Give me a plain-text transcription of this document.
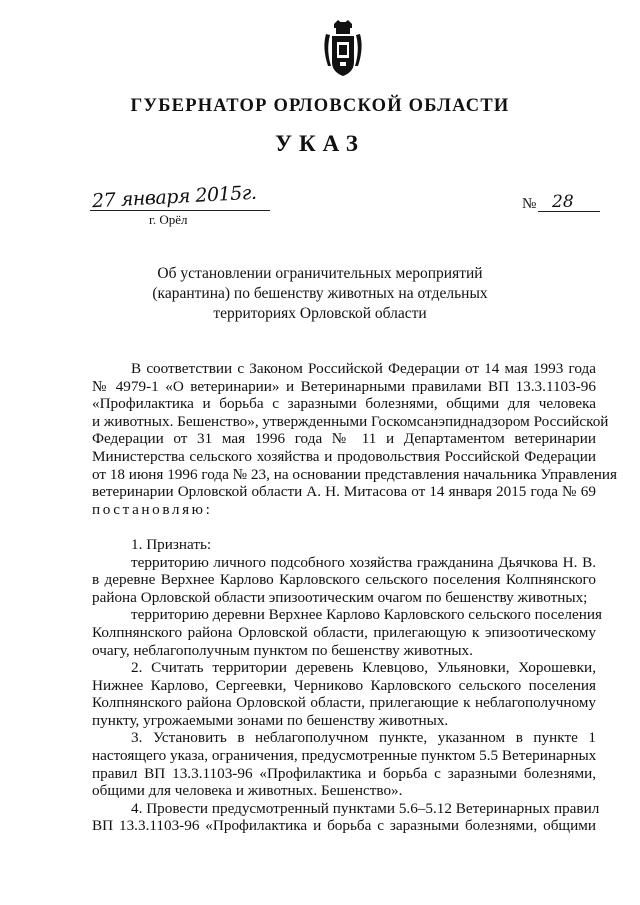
ГУБЕРНАТОР ОРЛОВСКОЙ ОБЛАСТИ
УКАЗ
27 января 2015г.
г. Орёл
№ 28
Об установлении ограничительных мероприятий
(карантина) по бешенству животных на отдельных
территориях Орловской области
В соответствии с Законом Российской Федерации от 14 мая 1993 года
№ 4979-1 «О ветеринарии» и Ветеринарными правилами ВП 13.3.1103-96
«Профилактика и борьба с заразными болезнями, общими для человека
и животных. Бешенство», утвержденными Госкомсанэпиднадзором Российской
Федерации от 31 мая 1996 года № 11 и Департаментом ветеринарии
Министерства сельского хозяйства и продовольствия Российской Федерации
от 18 июня 1996 года № 23, на основании представления начальника Управления
ветеринарии Орловской области А. Н. Митасова от 14 января 2015 года № 69
постановляю:
1. Признать:
территорию личного подсобного хозяйства гражданина Дьячкова Н. В.
в деревне Верхнее Карлово Карловского сельского поселения Колпнянского
района Орловской области эпизоотическим очагом по бешенству животных;
территорию деревни Верхнее Карлово Карловского сельского поселения
Колпнянского района Орловской области, прилегающую к эпизоотическому
очагу, неблагополучным пунктом по бешенству животных.
2. Считать территории деревень Клевцово, Ульяновки, Хорошевки,
Нижнее Карлово, Сергеевки, Черниково Карловского сельского поселения
Колпнянского района Орловской области, прилегающие к неблагополучному
пункту, угрожаемыми зонами по бешенству животных.
3. Установить в неблагополучном пункте, указанном в пункте 1
настоящего указа, ограничения, предусмотренные пунктом 5.5 Ветеринарных
правил ВП 13.3.1103-96 «Профилактика и борьба с заразными болезнями,
общими для человека и животных. Бешенство».
4. Провести предусмотренный пунктами 5.6–5.12 Ветеринарных правил
ВП 13.3.1103-96 «Профилактика и борьба с заразными болезнями, общими
